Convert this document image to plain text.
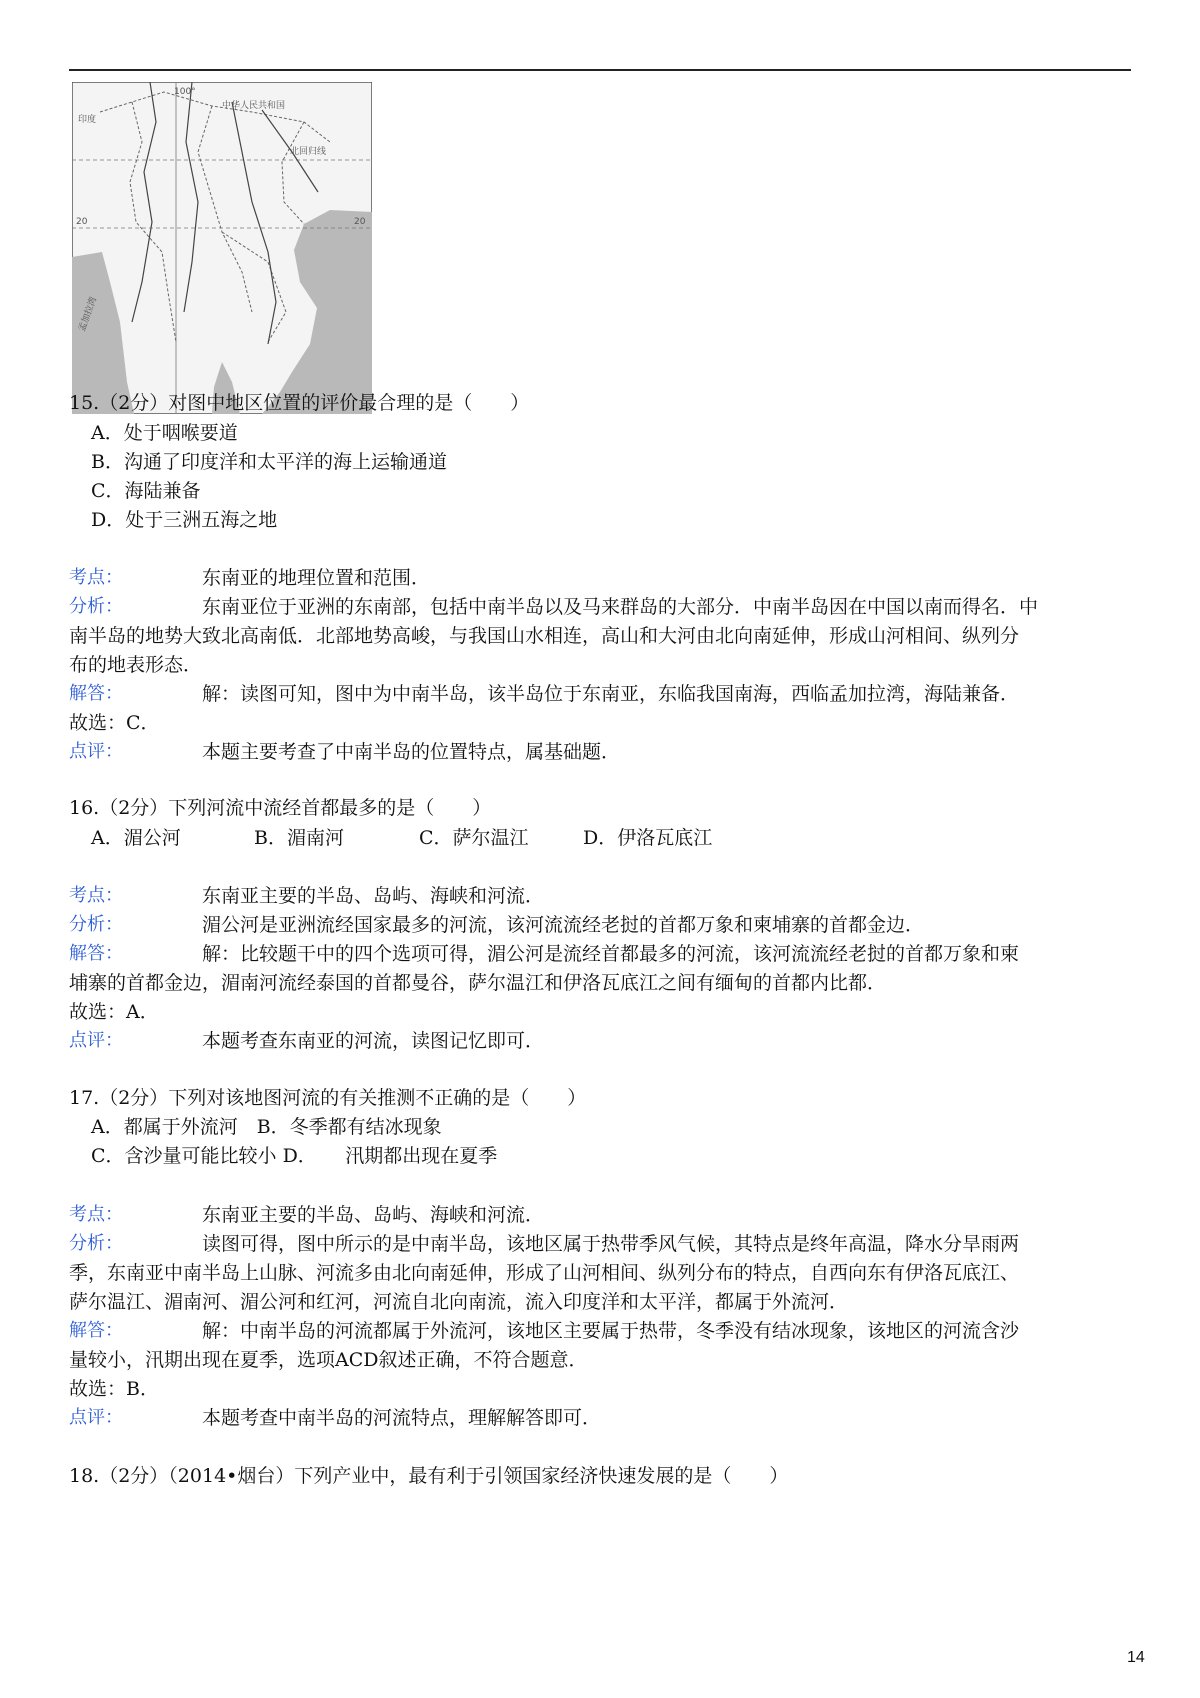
100°
中华人民共和国
北回归线
印度
20	20
孟加拉湾
15.（2分）对图中地区位置的评价最合理的是（　　）
A．处于咽喉要道
B．沟通了印度洋和太平洋的海上运输通道
C．海陆兼备
D．处于三洲五海之地
考点：	东南亚的地理位置和范围．
分析：	东南亚位于亚洲的东南部，包括中南半岛以及马来群岛的大部分．中南半岛因在中国以南而得名．中
南半岛的地势大致北高南低．北部地势高峻，与我国山水相连，高山和大河由北向南延伸，形成山河相间、纵列分
布的地表形态．
解答：	解：读图可知，图中为中南半岛，该半岛位于东南亚，东临我国南海，西临孟加拉湾，海陆兼备．
故选：C．
点评：	本题主要考查了中南半岛的位置特点，属基础题．
16.（2分）下列河流中流经首都最多的是（　　）
A．湄公河	B．湄南河	C．萨尔温江	D．伊洛瓦底江
考点：	东南亚主要的半岛、岛屿、海峡和河流．
分析：	湄公河是亚洲流经国家最多的河流，该河流流经老挝的首都万象和柬埔寨的首都金边．
解答：	解：比较题干中的四个选项可得，湄公河是流经首都最多的河流，该河流流经老挝的首都万象和柬
埔寨的首都金边，湄南河流经泰国的首都曼谷，萨尔温江和伊洛瓦底江之间有缅甸的首都内比都．
故选：A．
点评：	本题考查东南亚的河流，读图记忆即可．
17.（2分）下列对该地图河流的有关推测不正确的是（　　）
A．都属于外流河　B．冬季都有结冰现象
C．含沙量可能比较小 D．　　汛期都出现在夏季
考点：	东南亚主要的半岛、岛屿、海峡和河流．
分析：	读图可得，图中所示的是中南半岛，该地区属于热带季风气候，其特点是终年高温，降水分旱雨两
季，东南亚中南半岛上山脉、河流多由北向南延伸，形成了山河相间、纵列分布的特点，自西向东有伊洛瓦底江、
萨尔温江、湄南河、湄公河和红河，河流自北向南流，流入印度洋和太平洋，都属于外流河．
解答：	解：中南半岛的河流都属于外流河，该地区主要属于热带，冬季没有结冰现象，该地区的河流含沙
量较小，汛期出现在夏季，选项ACD叙述正确，不符合题意．
故选：B．
点评：	本题考查中南半岛的河流特点，理解解答即可．
18.（2分）（2014•烟台）下列产业中，最有利于引领国家经济快速发展的是（　　）
14
